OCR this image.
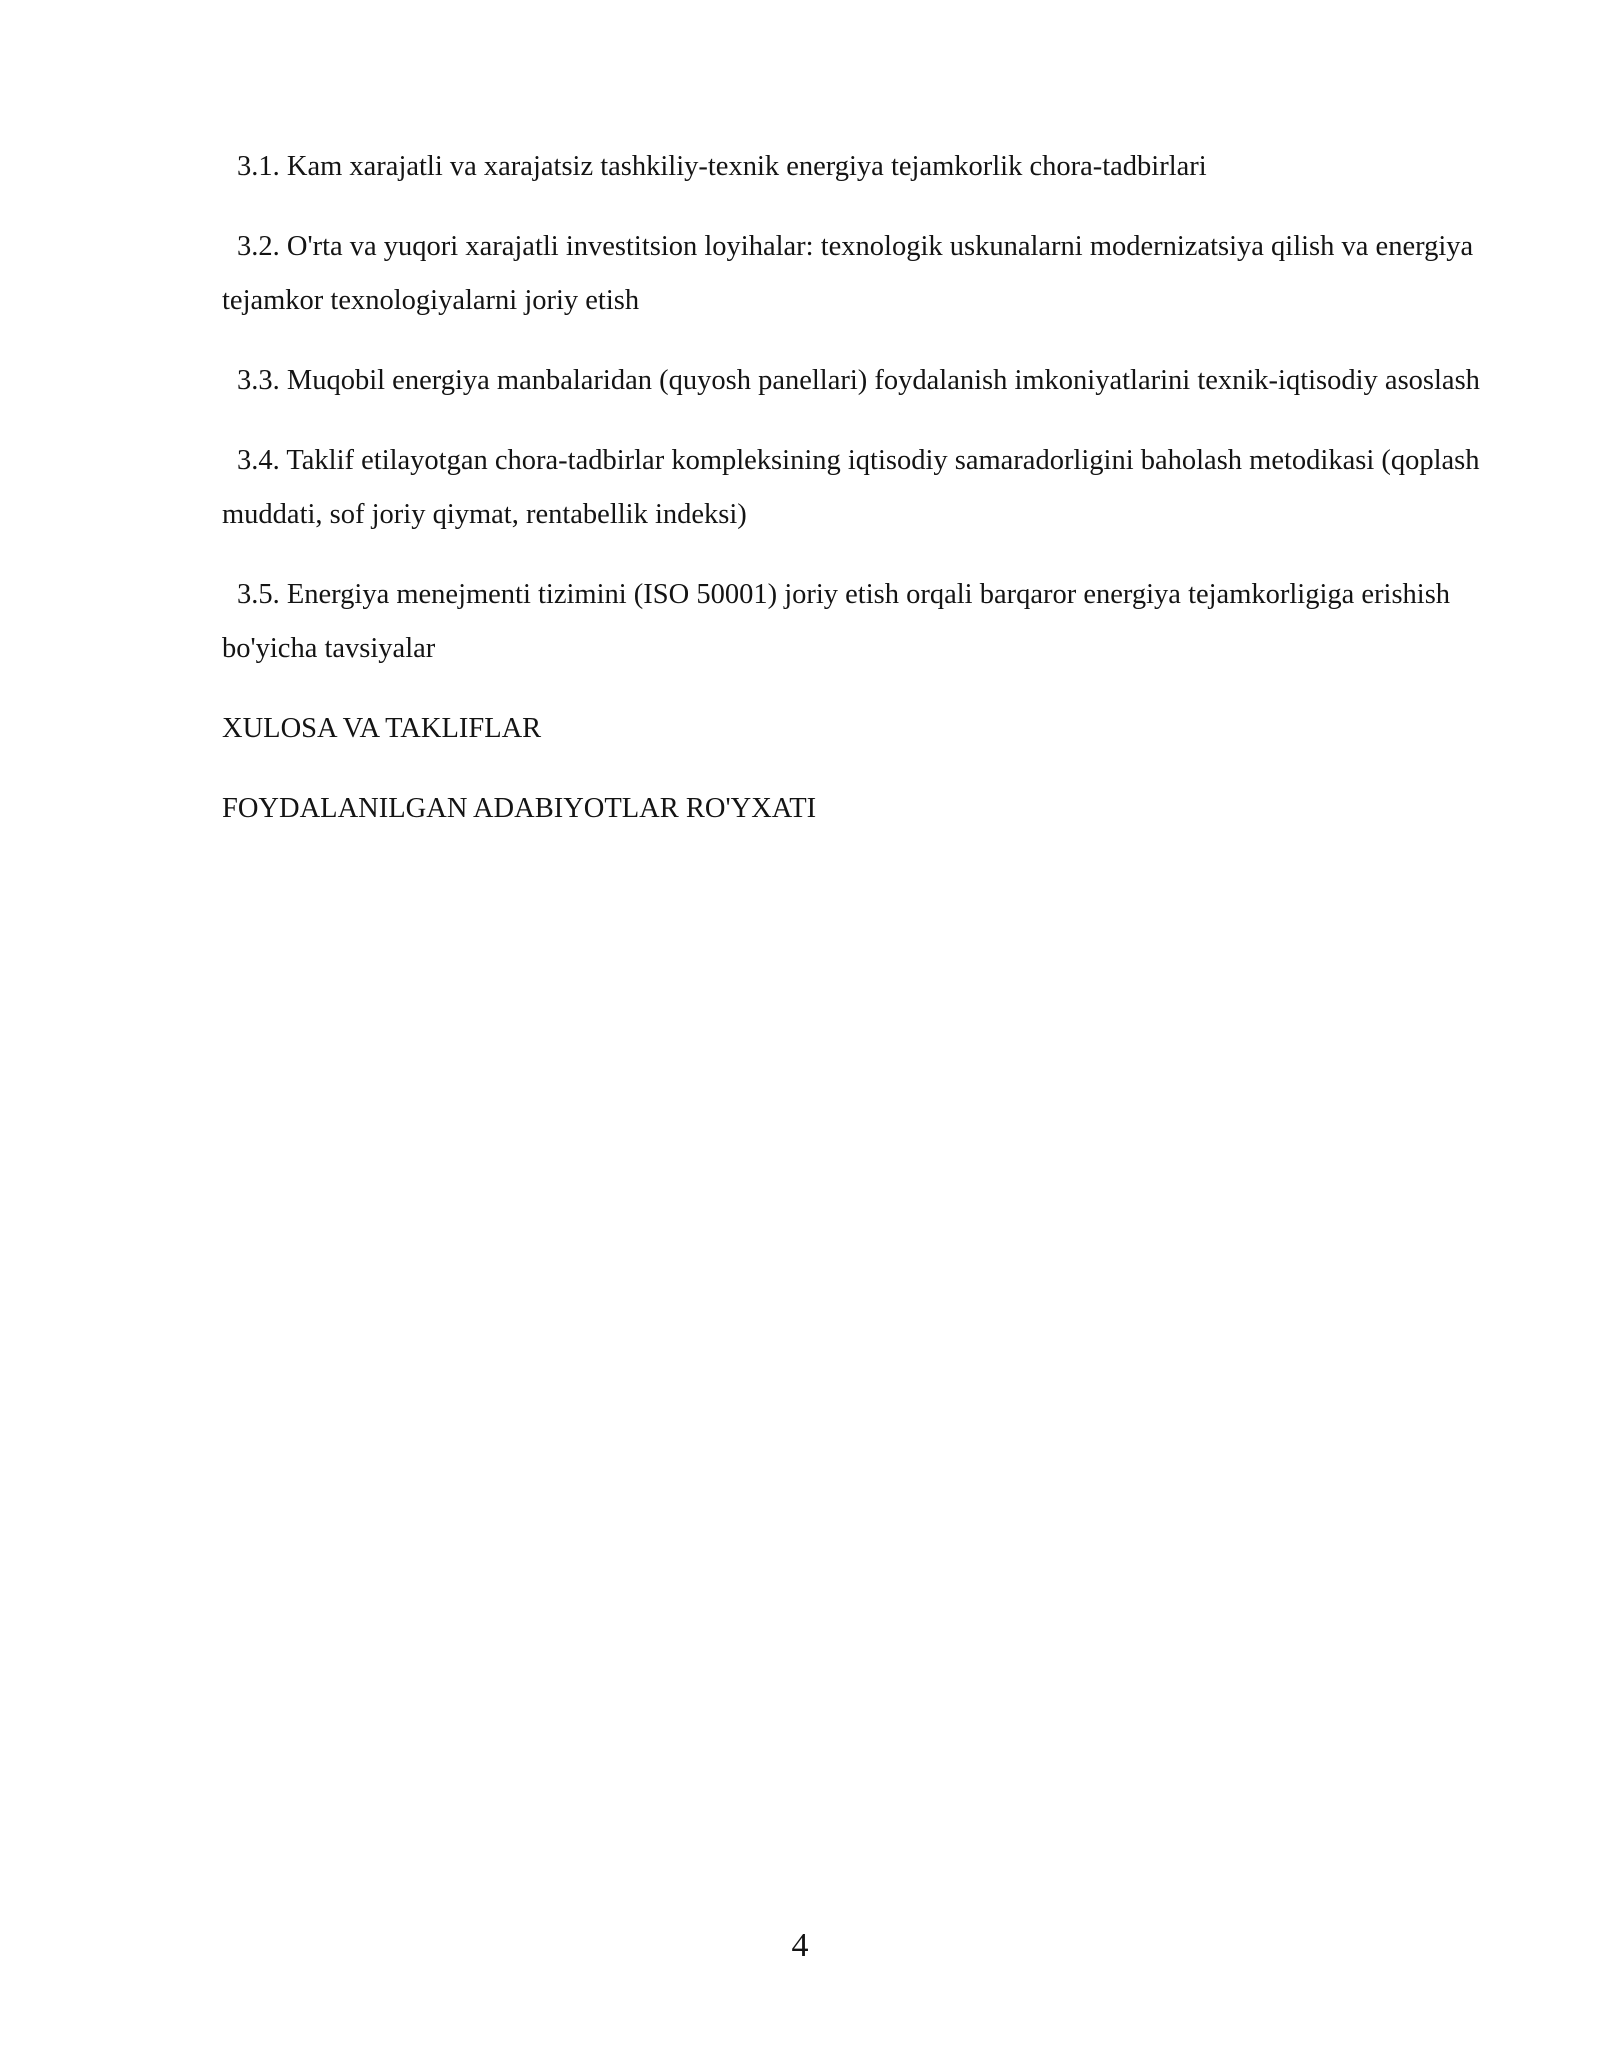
3.1. Kam xarajatli va xarajatsiz tashkiliy-texnik energiya tejamkorlik chora-tadbirlari
3.2. O'rta va yuqori xarajatli investitsion loyihalar: texnologik uskunalarni modernizatsiya qilish va energiya tejamkor texnologiyalarni joriy etish
3.3. Muqobil energiya manbalaridan (quyosh panellari) foydalanish imkoniyatlarini texnik-iqtisodiy asoslash
3.4. Taklif etilayotgan chora-tadbirlar kompleksining iqtisodiy samaradorligini baholash metodikasi (qoplash muddati, sof joriy qiymat, rentabellik indeksi)
3.5. Energiya menejmenti tizimini (ISO 50001) joriy etish orqali barqaror energiya tejamkorligiga erishish bo'yicha tavsiyalar
XULOSA VA TAKLIFLAR
FOYDALANILGAN ADABIYOTLAR RO'YXATI
4
